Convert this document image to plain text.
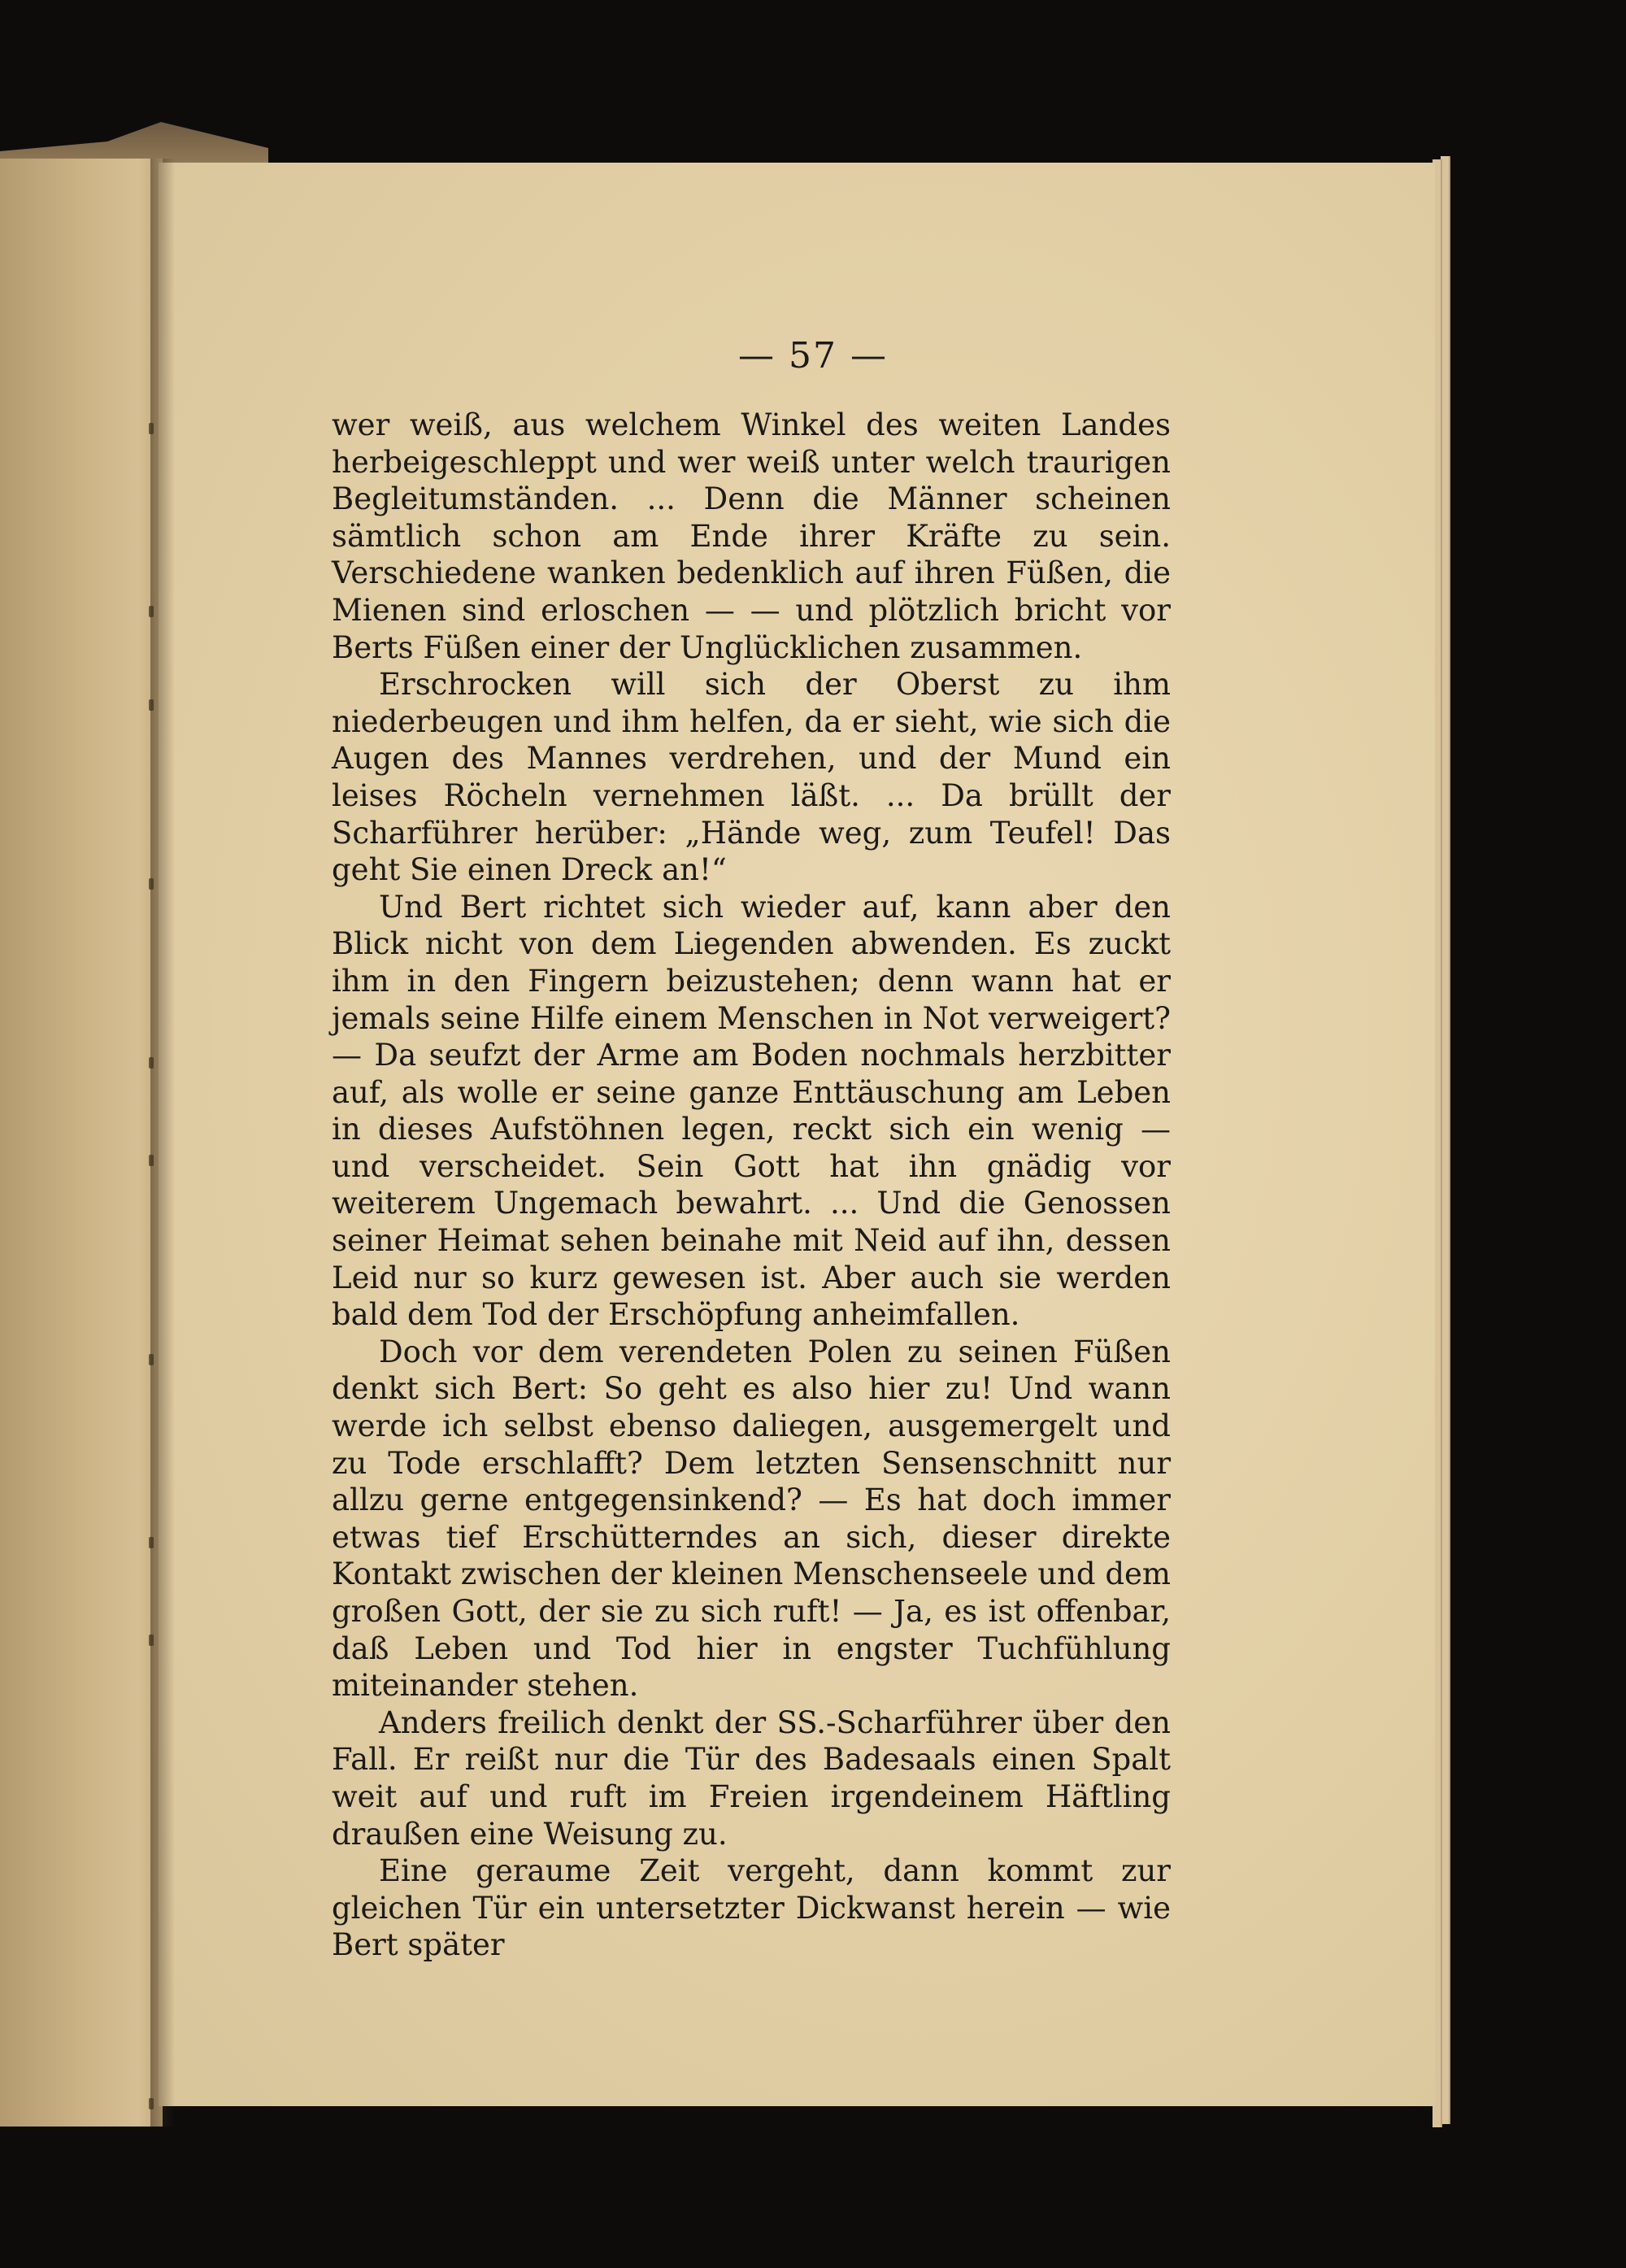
— 57 —

wer weiß, aus welchem Winkel des weiten Landes herbeigeschleppt und wer weiß unter welch traurigen Begleitumständen. ... Denn die Männer scheinen sämtlich schon am Ende ihrer Kräfte zu sein. Verschiedene wanken bedenklich auf ihren Füßen, die Mienen sind erloschen — — und plötzlich bricht vor Berts Füßen einer der Unglücklichen zusammen.

Erschrocken will sich der Oberst zu ihm niederbeugen und ihm helfen, da er sieht, wie sich die Augen des Mannes verdrehen, und der Mund ein leises Röcheln vernehmen läßt. ... Da brüllt der Scharführer herüber: „Hände weg, zum Teufel! Das geht Sie einen Dreck an!“

Und Bert richtet sich wieder auf, kann aber den Blick nicht von dem Liegenden abwenden. Es zuckt ihm in den Fingern beizustehen; denn wann hat er jemals seine Hilfe einem Menschen in Not verweigert? — Da seufzt der Arme am Boden nochmals herzbitter auf, als wolle er seine ganze Enttäuschung am Leben in dieses Aufstöhnen legen, reckt sich ein wenig — und verscheidet. Sein Gott hat ihn gnädig vor weiterem Ungemach bewahrt. ... Und die Genossen seiner Heimat sehen beinahe mit Neid auf ihn, dessen Leid nur so kurz gewesen ist. Aber auch sie werden bald dem Tod der Erschöpfung anheimfallen.

Doch vor dem verendeten Polen zu seinen Füßen denkt sich Bert: So geht es also hier zu! Und wann werde ich selbst ebenso daliegen, ausgemergelt und zu Tode erschlafft? Dem letzten Sensenschnitt nur allzu gerne entgegensinkend? — Es hat doch immer etwas tief Erschütterndes an sich, dieser direkte Kontakt zwischen der kleinen Menschenseele und dem großen Gott, der sie zu sich ruft! — Ja, es ist offenbar, daß Leben und Tod hier in engster Tuchfühlung miteinander stehen.

Anders freilich denkt der SS.-Scharführer über den Fall. Er reißt nur die Tür des Badesaals einen Spalt weit auf und ruft im Freien irgendeinem Häftling draußen eine Weisung zu.

Eine geraume Zeit vergeht, dann kommt zur gleichen Tür ein untersetzter Dickwanst herein — wie Bert später
